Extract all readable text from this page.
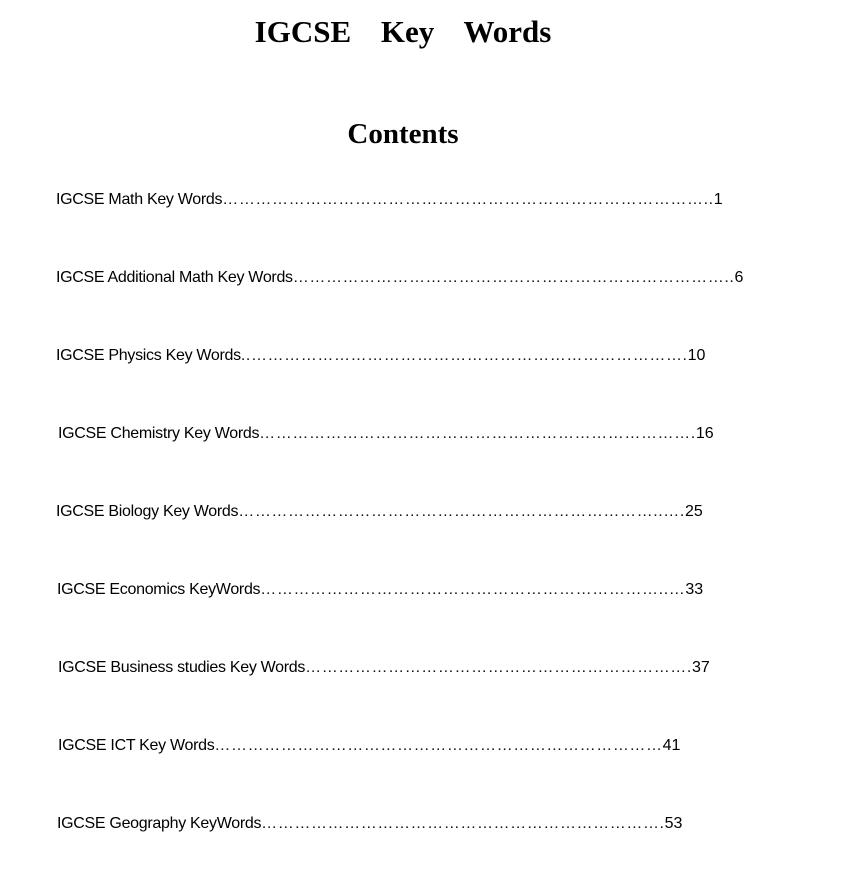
IGCSE Key Words
Contents
IGCSE Math Key Words……………………………………………………………………………..1
IGCSE Additional Math Key Words……………………………………………………………………..6
IGCSE Physics Key Words..…………………………………………………………………….10
IGCSE Chemistry Key Words…………………………………………………………………….16
IGCSE Biology Key Words…………………………………………………………………..….25
IGCSE Economics KeyWords………………………………………………………………..…33
IGCSE Business studies Key Words…………………………………………………………….37
IGCSE ICT Key Words………………………………………………………………………41
IGCSE Geography KeyWords……………………………………………………………….53
